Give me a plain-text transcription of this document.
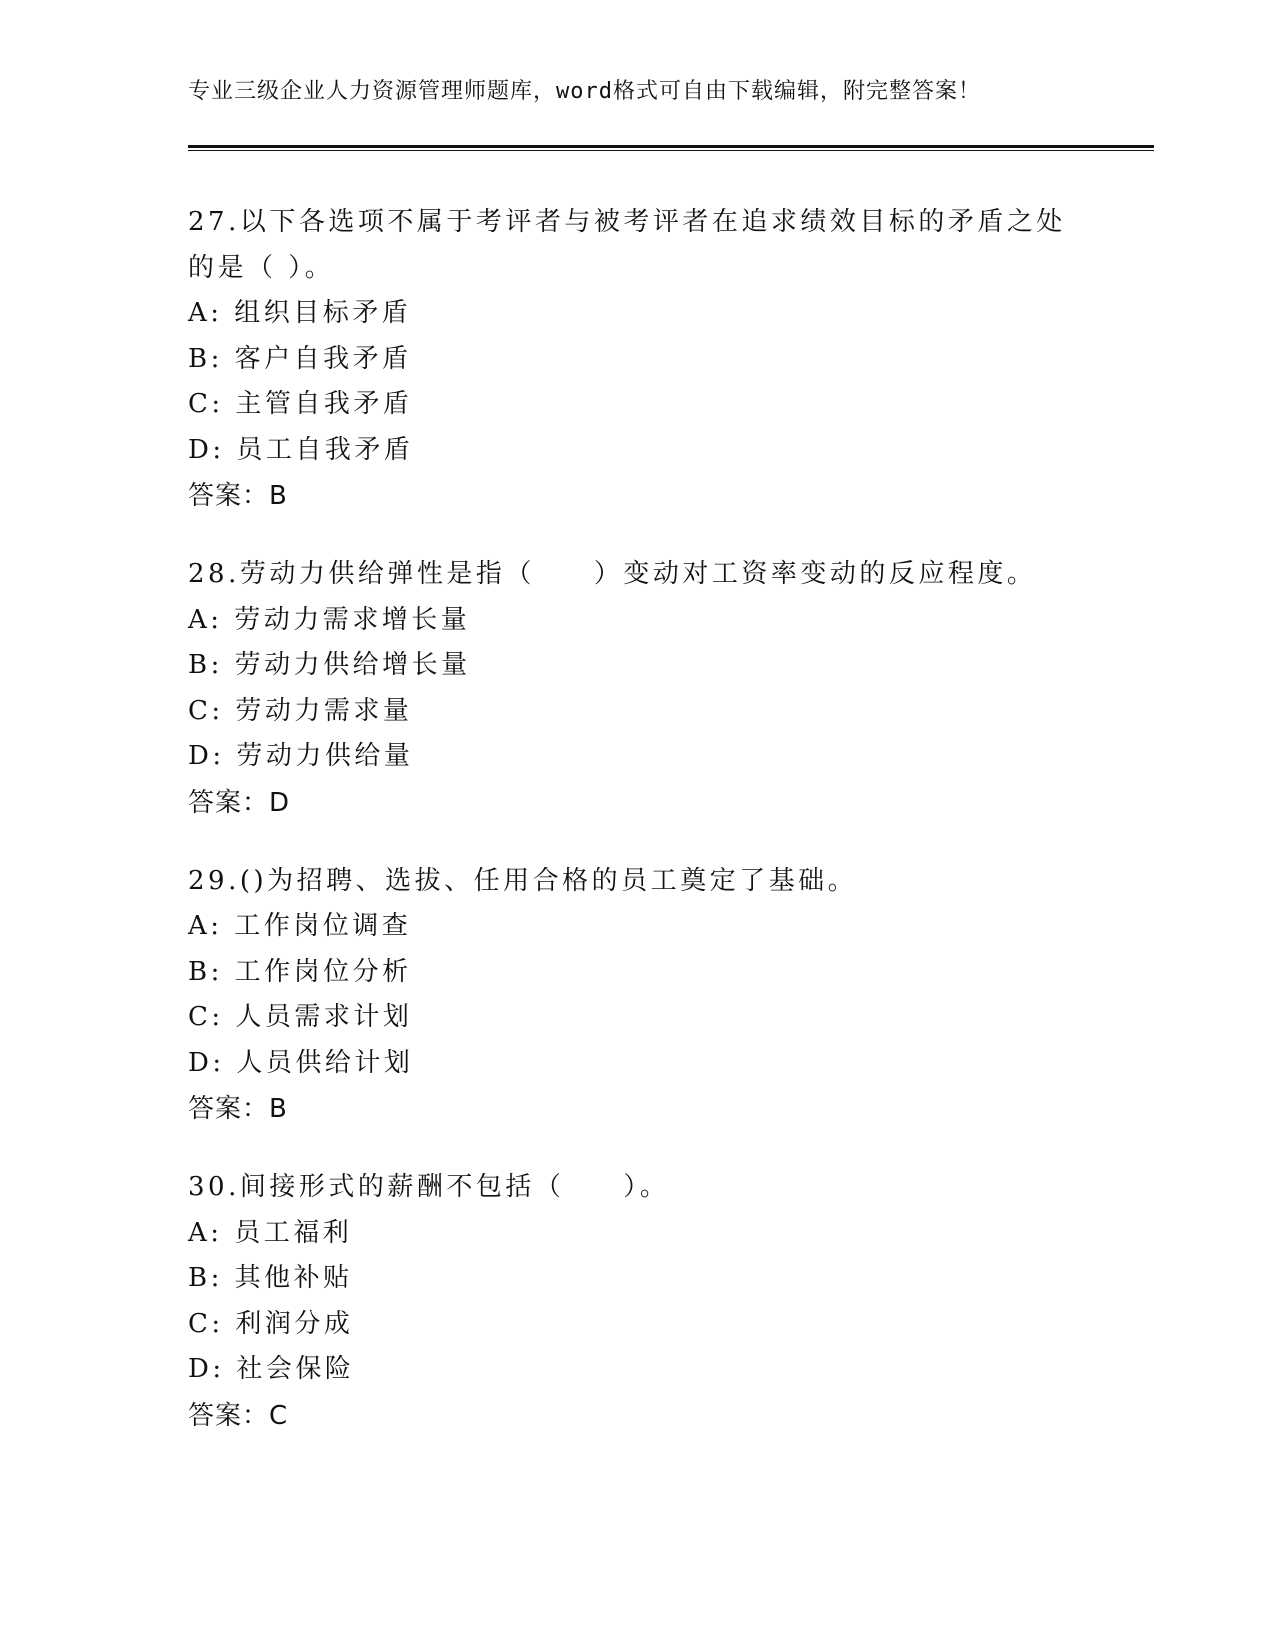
专业三级企业人力资源管理师题库，word格式可自由下载编辑，附完整答案！
27.以下各选项不属于考评者与被考评者在追求绩效目标的矛盾之处的是（ ）。
A: 组织目标矛盾
B: 客户自我矛盾
C: 主管自我矛盾
D: 员工自我矛盾
答案：B
28.劳动力供给弹性是指（　　）变动对工资率变动的反应程度。
A: 劳动力需求增长量
B: 劳动力供给增长量
C: 劳动力需求量
D: 劳动力供给量
答案：D
29.()为招聘、选拔、任用合格的员工奠定了基础。
A: 工作岗位调查
B: 工作岗位分析
C: 人员需求计划
D: 人员供给计划
答案：B
30.间接形式的薪酬不包括（　　）。
A: 员工福利
B: 其他补贴
C: 利润分成
D: 社会保险
答案：C
